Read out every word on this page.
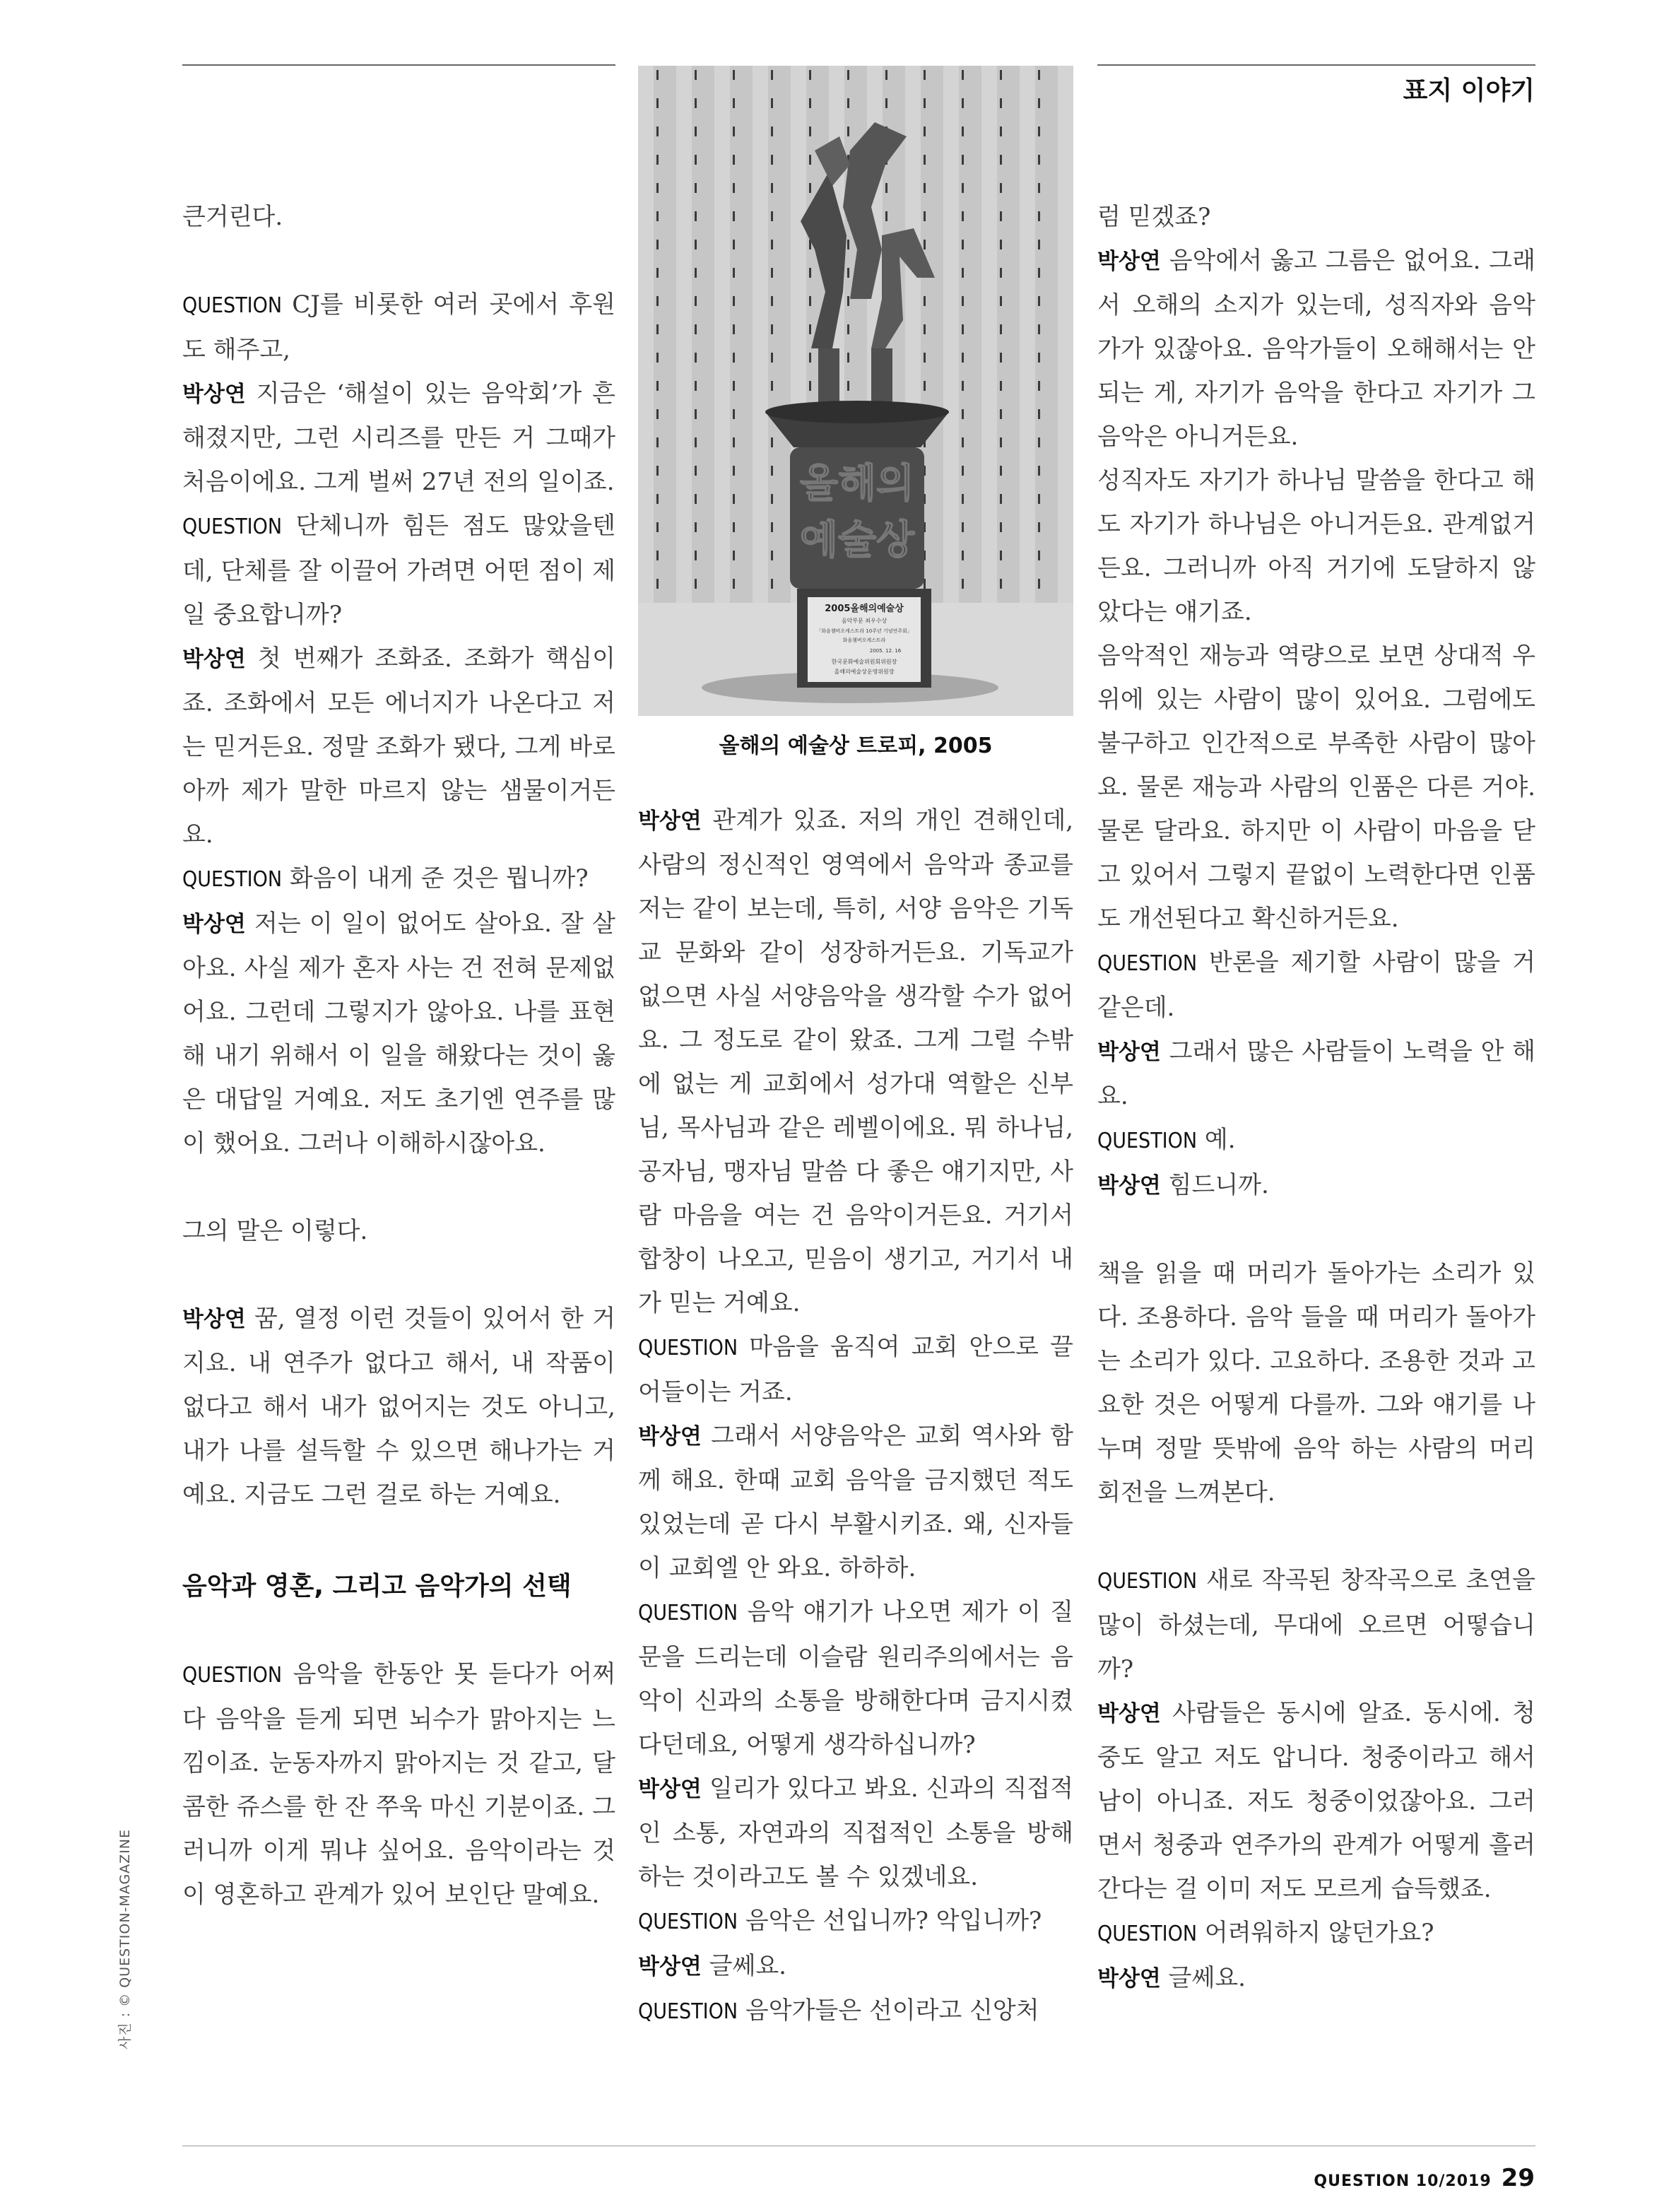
표지 이야기
올해의
예술상
2005올해의예술상
음악부문 최우수상
「화음쳄버오케스트라 10주년 기념연주회」
화음쳄버오케스트라
2005. 12. 16
한국문화예술위원회위원장
올해의예술상운영위원장
올해의 예술상 트로피, 2005

큰거린다.

QUESTION CJ를 비롯한 여러 곳에서 후원도 해주고,

박상연 지금은 ‘해설이 있는 음악회’가 흔해졌지만, 그런 시리즈를 만든 거 그때가 처음이에요. 그게 벌써 27년 전의 일이죠.

QUESTION 단체니까 힘든 점도 많았을텐데, 단체를 잘 이끌어 가려면 어떤 점이 제일 중요합니까?

박상연 첫 번째가 조화죠. 조화가 핵심이죠. 조화에서 모든 에너지가 나온다고 저는 믿거든요. 정말 조화가 됐다, 그게 바로 아까 제가 말한 마르지 않는 샘물이거든요.

QUESTION 화음이 내게 준 것은 뭡니까?

박상연 저는 이 일이 없어도 살아요. 잘 살아요. 사실 제가 혼자 사는 건 전혀 문제없어요. 그런데 그렇지가 않아요. 나를 표현해 내기 위해서 이 일을 해왔다는 것이 옳은 대답일 거예요. 저도 초기엔 연주를 많이 했어요. 그러나 이해하시잖아요.

그의 말은 이렇다.

박상연 꿈, 열정 이런 것들이 있어서 한 거지요. 내 연주가 없다고 해서, 내 작품이 없다고 해서 내가 없어지는 것도 아니고, 내가 나를 설득할 수 있으면 해나가는 거예요. 지금도 그런 걸로 하는 거예요.

음악과 영혼, 그리고 음악가의 선택

QUESTION 음악을 한동안 못 듣다가 어쩌다 음악을 듣게 되면 뇌수가 맑아지는 느낌이죠. 눈동자까지 맑아지는 것 같고, 달콤한 쥬스를 한 잔 쭈욱 마신 기분이죠. 그러니까 이게 뭐냐 싶어요. 음악이라는 것이 영혼하고 관계가 있어 보인단 말예요.

박상연 관계가 있죠. 저의 개인 견해인데, 사람의 정신적인 영역에서 음악과 종교를 저는 같이 보는데, 특히, 서양 음악은 기독교 문화와 같이 성장하거든요. 기독교가 없으면 사실 서양음악을 생각할 수가 없어요. 그 정도로 같이 왔죠. 그게 그럴 수밖에 없는 게 교회에서 성가대 역할은 신부님, 목사님과 같은 레벨이에요. 뭐 하나님, 공자님, 맹자님 말씀 다 좋은 얘기지만, 사람 마음을 여는 건 음악이거든요. 거기서 합창이 나오고, 믿음이 생기고, 거기서 내가 믿는 거예요.

QUESTION 마음을 움직여 교회 안으로 끌어들이는 거죠.

박상연 그래서 서양음악은 교회 역사와 함께 해요. 한때 교회 음악을 금지했던 적도 있었는데 곧 다시 부활시키죠. 왜, 신자들이 교회엘 안 와요. 하하하.

QUESTION 음악 얘기가 나오면 제가 이 질문을 드리는데 이슬람 원리주의에서는 음악이 신과의 소통을 방해한다며 금지시켰다던데요, 어떻게 생각하십니까?

박상연 일리가 있다고 봐요. 신과의 직접적인 소통, 자연과의 직접적인 소통을 방해하는 것이라고도 볼 수 있겠네요.

QUESTION 음악은 선입니까? 악입니까?

박상연 글쎄요.

QUESTION 음악가들은 선이라고 신앙처

럼 믿겠죠?

박상연 음악에서 옳고 그름은 없어요. 그래서 오해의 소지가 있는데, 성직자와 음악가가 있잖아요. 음악가들이 오해해서는 안 되는 게, 자기가 음악을 한다고 자기가 그 음악은 아니거든요.

성직자도 자기가 하나님 말씀을 한다고 해도 자기가 하나님은 아니거든요. 관계없거든요. 그러니까 아직 거기에 도달하지 않았다는 얘기죠.

음악적인 재능과 역량으로 보면 상대적 우위에 있는 사람이 많이 있어요. 그럼에도 불구하고 인간적으로 부족한 사람이 많아요. 물론 재능과 사람의 인품은 다른 거야. 물론 달라요. 하지만 이 사람이 마음을 닫고 있어서 그렇지 끝없이 노력한다면 인품도 개선된다고 확신하거든요.

QUESTION 반론을 제기할 사람이 많을 거 같은데.

박상연 그래서 많은 사람들이 노력을 안 해요.

QUESTION 예.

박상연 힘드니까.

책을 읽을 때 머리가 돌아가는 소리가 있다. 조용하다. 음악 들을 때 머리가 돌아가는 소리가 있다. 고요하다. 조용한 것과 고요한 것은 어떻게 다를까. 그와 얘기를 나누며 정말 뜻밖에 음악 하는 사람의 머리 회전을 느껴본다.

QUESTION 새로 작곡된 창작곡으로 초연을 많이 하셨는데, 무대에 오르면 어떻습니까?

박상연 사람들은 동시에 알죠. 동시에. 청중도 알고 저도 압니다. 청중이라고 해서 남이 아니죠. 저도 청중이었잖아요. 그러면서 청중과 연주가의 관계가 어떻게 흘러간다는 걸 이미 저도 모르게 습득했죠.

QUESTION 어려워하지 않던가요?

박상연 글쎄요.

사진 : © QUESTION-MAGAZINE
QUESTION 10/2019 29
